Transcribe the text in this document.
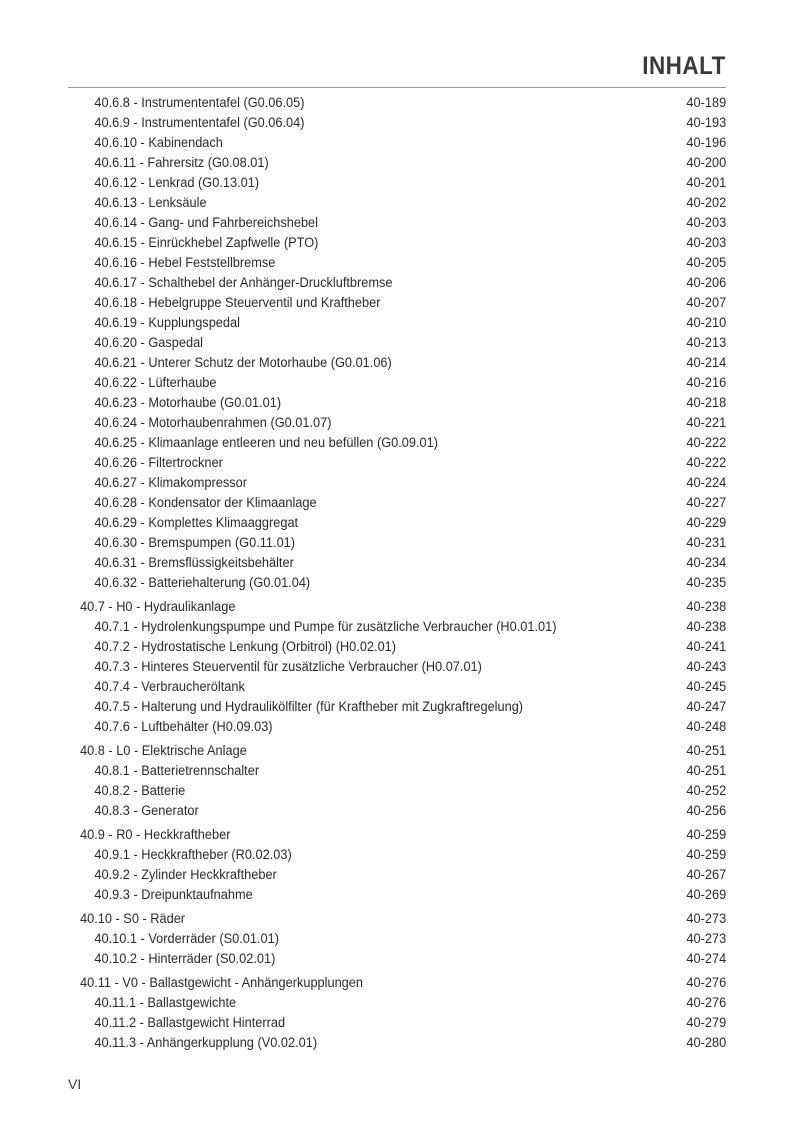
INHALT
40.6.8 - Instrumententafel (G0.06.05)	40-189
40.6.9 - Instrumententafel (G0.06.04)	40-193
40.6.10 - Kabinendach	40-196
40.6.11 - Fahrersitz (G0.08.01)	40-200
40.6.12 - Lenkrad (G0.13.01)	40-201
40.6.13 - Lenksäule	40-202
40.6.14 - Gang- und Fahrbereichshebel	40-203
40.6.15 - Einrückhebel Zapfwelle (PTO)	40-203
40.6.16 - Hebel Feststellbremse	40-205
40.6.17 - Schalthebel der Anhänger-Druckluftbremse	40-206
40.6.18 - Hebelgruppe Steuerventil und Kraftheber	40-207
40.6.19 - Kupplungspedal	40-210
40.6.20 - Gaspedal	40-213
40.6.21 - Unterer Schutz der Motorhaube (G0.01.06)	40-214
40.6.22 - Lüfterhaube	40-216
40.6.23 - Motorhaube (G0.01.01)	40-218
40.6.24 - Motorhaubenrahmen (G0.01.07)	40-221
40.6.25 - Klimaanlage entleeren und neu befüllen (G0.09.01)	40-222
40.6.26 - Filtertrockner	40-222
40.6.27 - Klimakompressor	40-224
40.6.28 - Kondensator der Klimaanlage	40-227
40.6.29 - Komplettes Klimaaggregat	40-229
40.6.30 - Bremspumpen (G0.11.01)	40-231
40.6.31 - Bremsflüssigkeitsbehälter	40-234
40.6.32 - Batteriehalterung (G0.01.04)	40-235
40.7 - H0 - Hydraulikanlage	40-238
40.7.1 - Hydrolenkungspumpe und Pumpe für zusätzliche Verbraucher (H0.01.01)	40-238
40.7.2 - Hydrostatische Lenkung (Orbitrol) (H0.02.01)	40-241
40.7.3 - Hinteres Steuerventil für zusätzliche Verbraucher (H0.07.01)	40-243
40.7.4 - Verbraucheröltank	40-245
40.7.5 - Halterung und Hydraulikölfilter (für Kraftheber mit Zugkraftregelung)	40-247
40.7.6 - Luftbehälter (H0.09.03)	40-248
40.8 - L0 - Elektrische Anlage	40-251
40.8.1 - Batterietrennschalter	40-251
40.8.2 - Batterie	40-252
40.8.3 - Generator	40-256
40.9 - R0 - Heckkraftheber	40-259
40.9.1 - Heckkraftheber (R0.02.03)	40-259
40.9.2 - Zylinder Heckkraftheber	40-267
40.9.3 - Dreipunktaufnahme	40-269
40.10 - S0 - Räder	40-273
40.10.1 - Vorderräder (S0.01.01)	40-273
40.10.2 - Hinterräder (S0.02.01)	40-274
40.11 - V0 - Ballastgewicht - Anhängerkupplungen	40-276
40.11.1 - Ballastgewichte	40-276
40.11.2 - Ballastgewicht Hinterrad	40-279
40.11.3 - Anhängerkupplung (V0.02.01)	40-280
VI
